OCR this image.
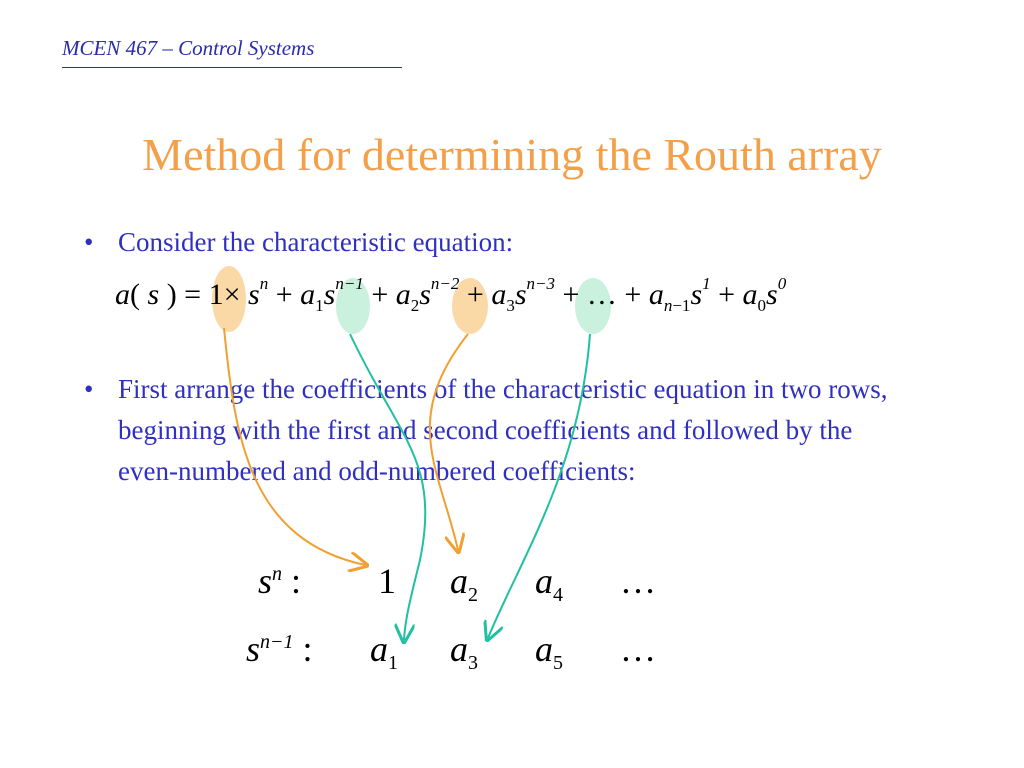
MCEN 467 – Control Systems
Method for determining the Routh array
• Consider the characteristic equation:
a( s ) = $1\times s^n + a_1s^{n-1} + a_2s^{n-2} + a_3s^{n-3}$ + … + $a_{n-1}s^1 + a_0s^0$
• First arrange the coefficients of the characteristic equation in two rows, beginning with the first and second coefficients and followed by the even-numbered and odd-numbered coefficients:
$s^n$ : 1 $a_2$ $a_4$ …
$s^{n-1}$ : $a_1$ $a_3$ $a_5$ …
